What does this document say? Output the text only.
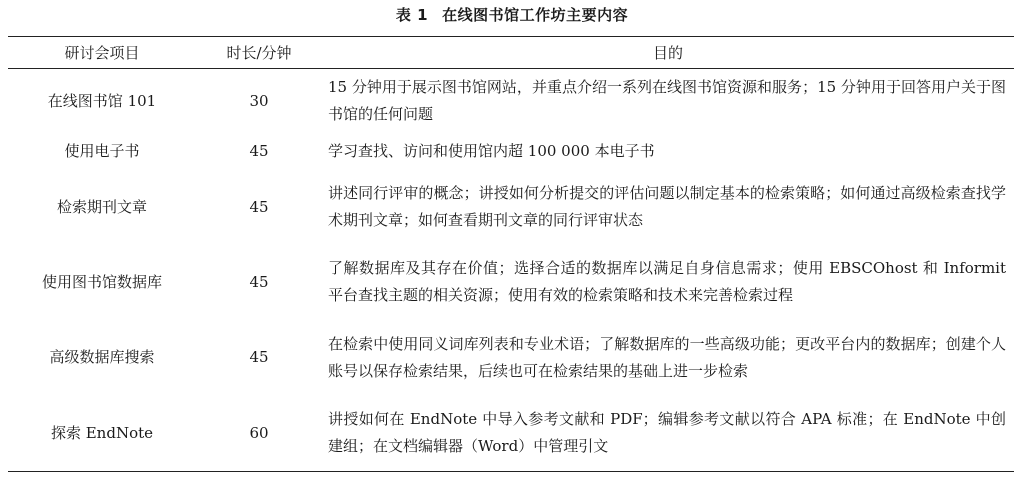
表 1 在线图书馆工作坊主要内容
研讨会项目	时长/分钟	目的
在线图书馆 101	30	15 分钟用于展示图书馆网站，并重点介绍一系列在线图书馆资源和服务；15 分钟用于回答用户关于图书馆的任何问题
使用电子书	45	学习查找、访问和使用馆内超 100 000 本电子书
检索期刊文章	45	讲述同行评审的概念；讲授如何分析提交的评估问题以制定基本的检索策略；如何通过高级检索查找学术期刊文章；如何查看期刊文章的同行评审状态
使用图书馆数据库	45	了解数据库及其存在价值；选择合适的数据库以满足自身信息需求；使用 EBSCOhost 和 Informit 平台查找主题的相关资源；使用有效的检索策略和技术来完善检索过程
高级数据库搜索	45	在检索中使用同义词库列表和专业术语；了解数据库的一些高级功能；更改平台内的数据库；创建个人账号以保存检索结果，后续也可在检索结果的基础上进一步检索
探索 EndNote	60	讲授如何在 EndNote 中导入参考文献和 PDF；编辑参考文献以符合 APA 标准；在 EndNote 中创建组；在文档编辑器（Word）中管理引文
